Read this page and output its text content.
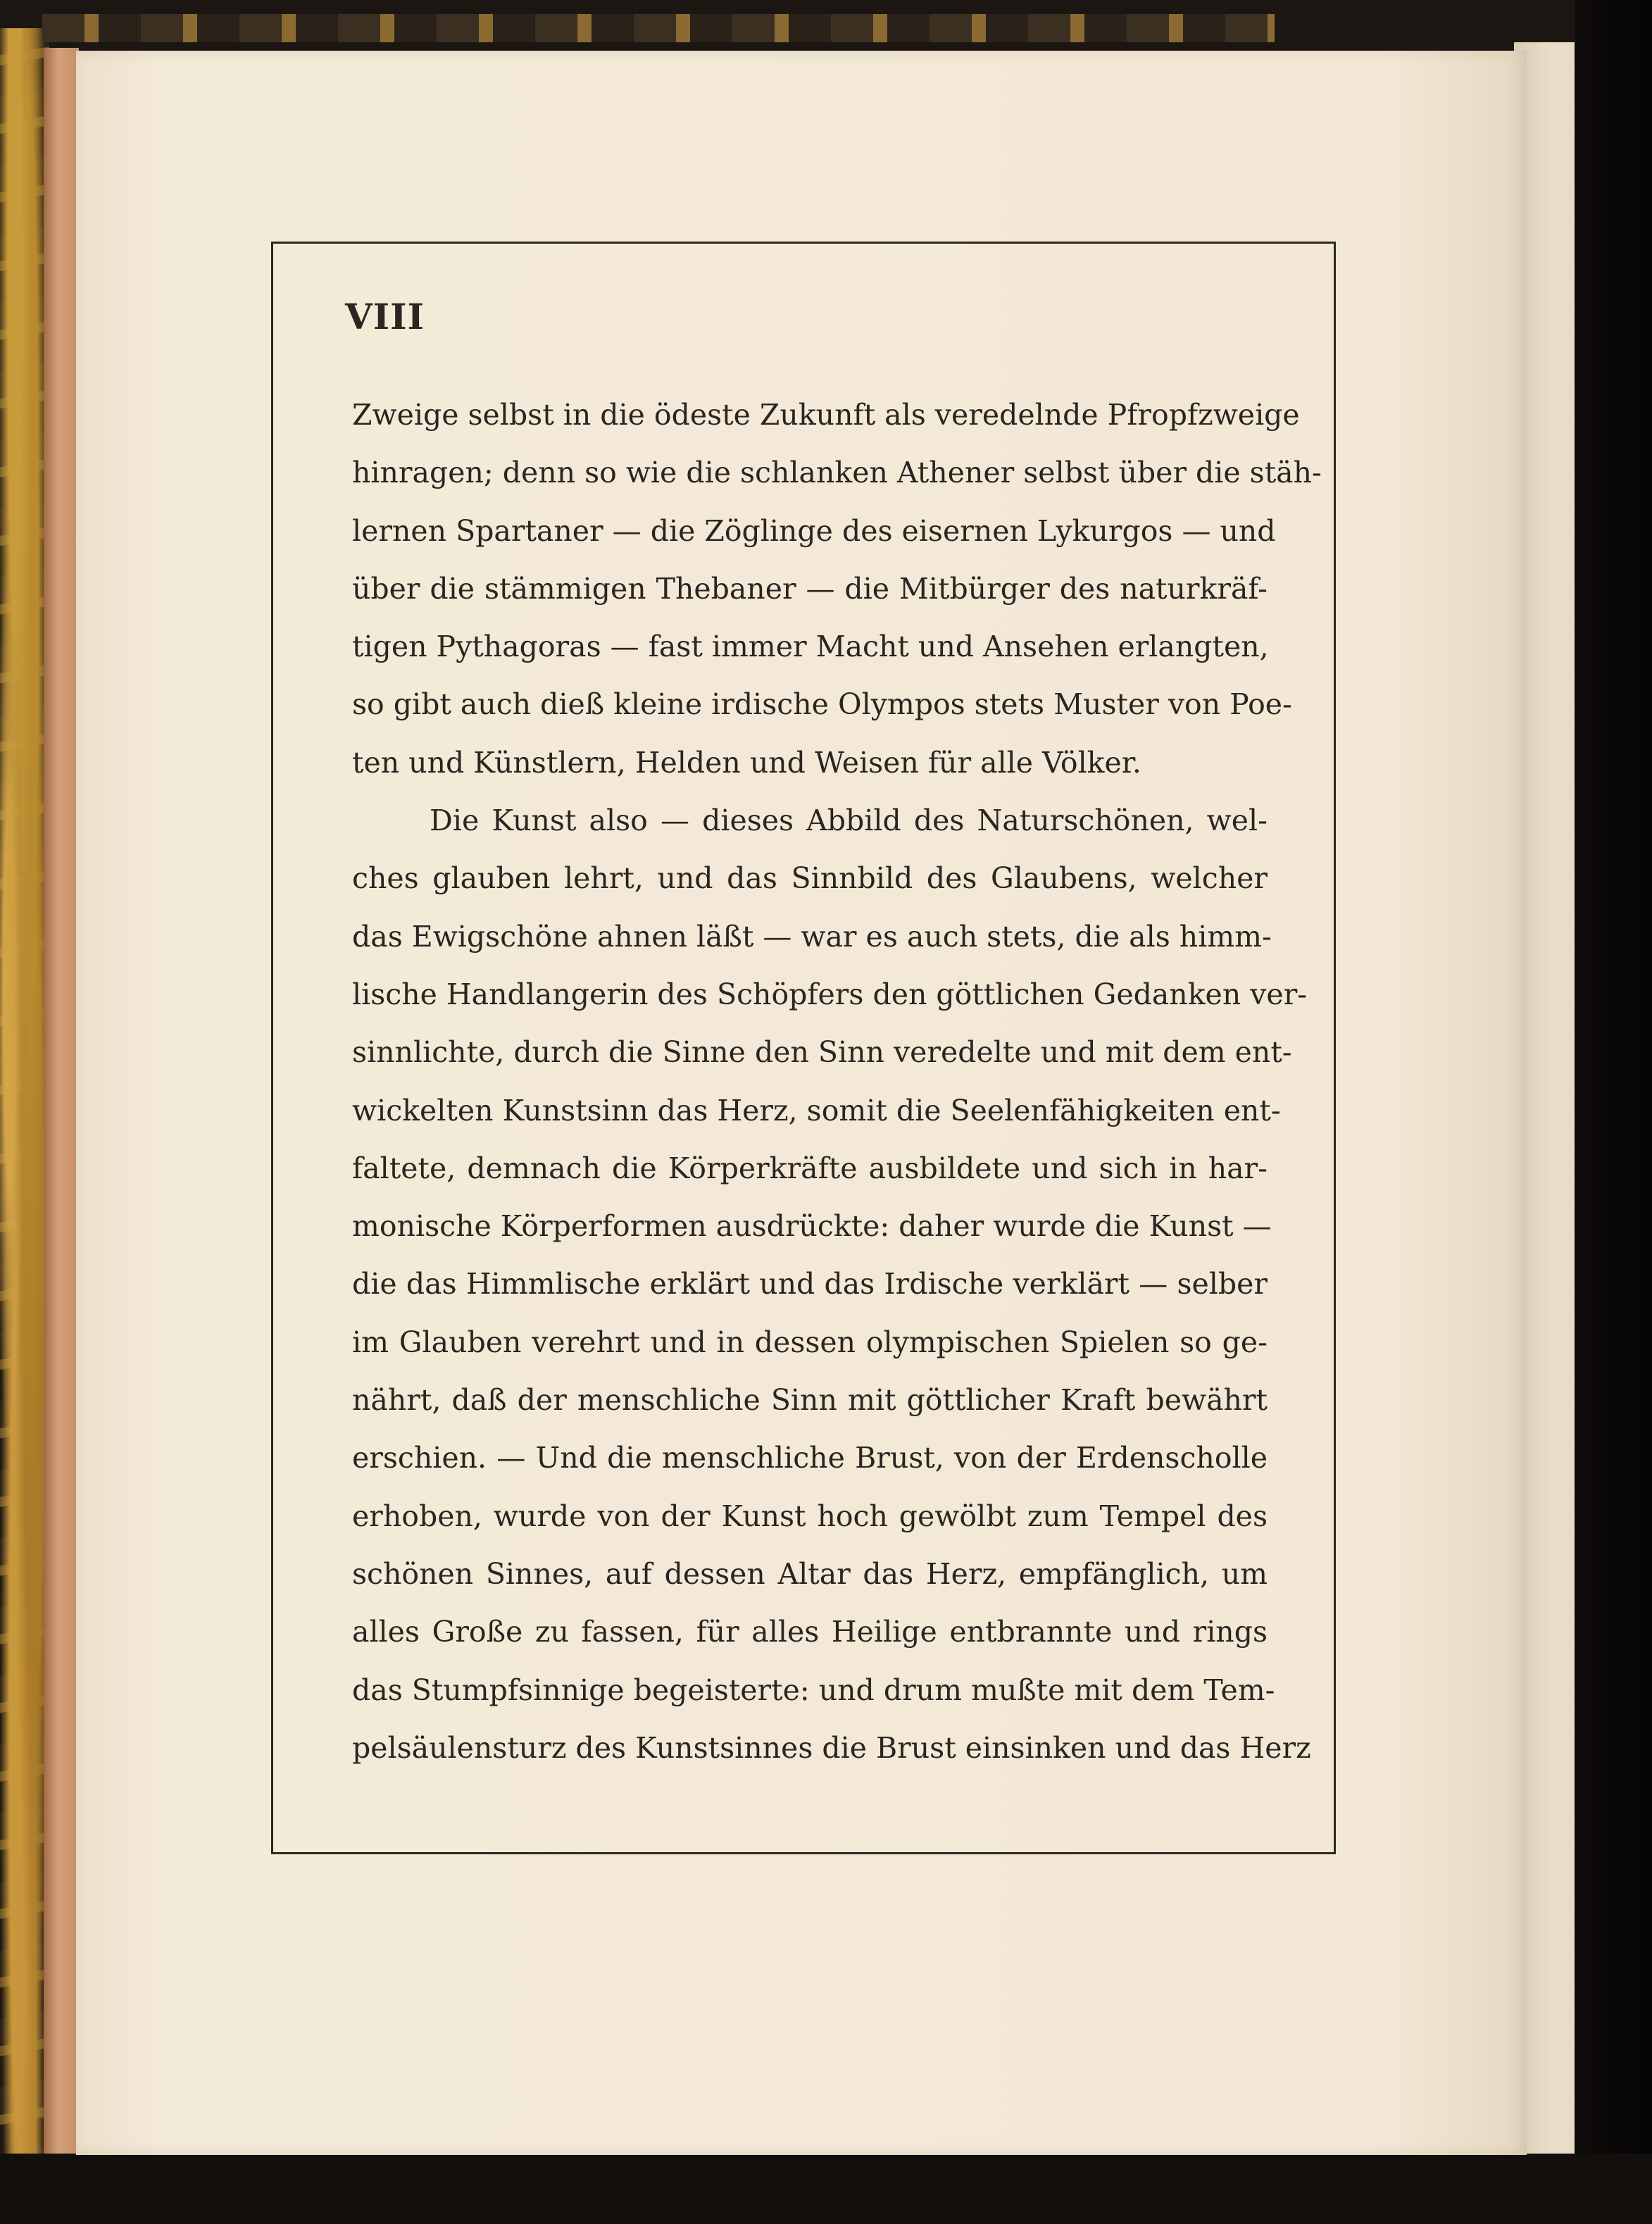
VIII
Zweige selbst in die ödeste Zukunft als veredelnde Pfropfzweige
hinragen; denn so wie die schlanken Athener selbst über die stäh-
lernen Spartaner — die Zöglinge des eisernen Lykurgos — und
über die stämmigen Thebaner — die Mitbürger des naturkräf-
tigen Pythagoras — fast immer Macht und Ansehen erlangten,
so gibt auch dieß kleine irdische Olympos stets Muster von Poe-
ten und Künstlern, Helden und Weisen für alle Völker.
Die Kunst also — dieses Abbild des Naturschönen, wel-
ches glauben lehrt, und das Sinnbild des Glaubens, welcher
das Ewigschöne ahnen läßt — war es auch stets, die als himm-
lische Handlangerin des Schöpfers den göttlichen Gedanken ver-
sinnlichte, durch die Sinne den Sinn veredelte und mit dem ent-
wickelten Kunstsinn das Herz, somit die Seelenfähigkeiten ent-
faltete, demnach die Körperkräfte ausbildete und sich in har-
monische Körperformen ausdrückte: daher wurde die Kunst —
die das Himmlische erklärt und das Irdische verklärt — selber
im Glauben verehrt und in dessen olympischen Spielen so ge-
nährt, daß der menschliche Sinn mit göttlicher Kraft bewährt
erschien. — Und die menschliche Brust, von der Erdenscholle
erhoben, wurde von der Kunst hoch gewölbt zum Tempel des
schönen Sinnes, auf dessen Altar das Herz, empfänglich, um
alles Große zu fassen, für alles Heilige entbrannte und rings
das Stumpfsinnige begeisterte: und drum mußte mit dem Tem-
pelsäulensturz des Kunstsinnes die Brust einsinken und das Herz
